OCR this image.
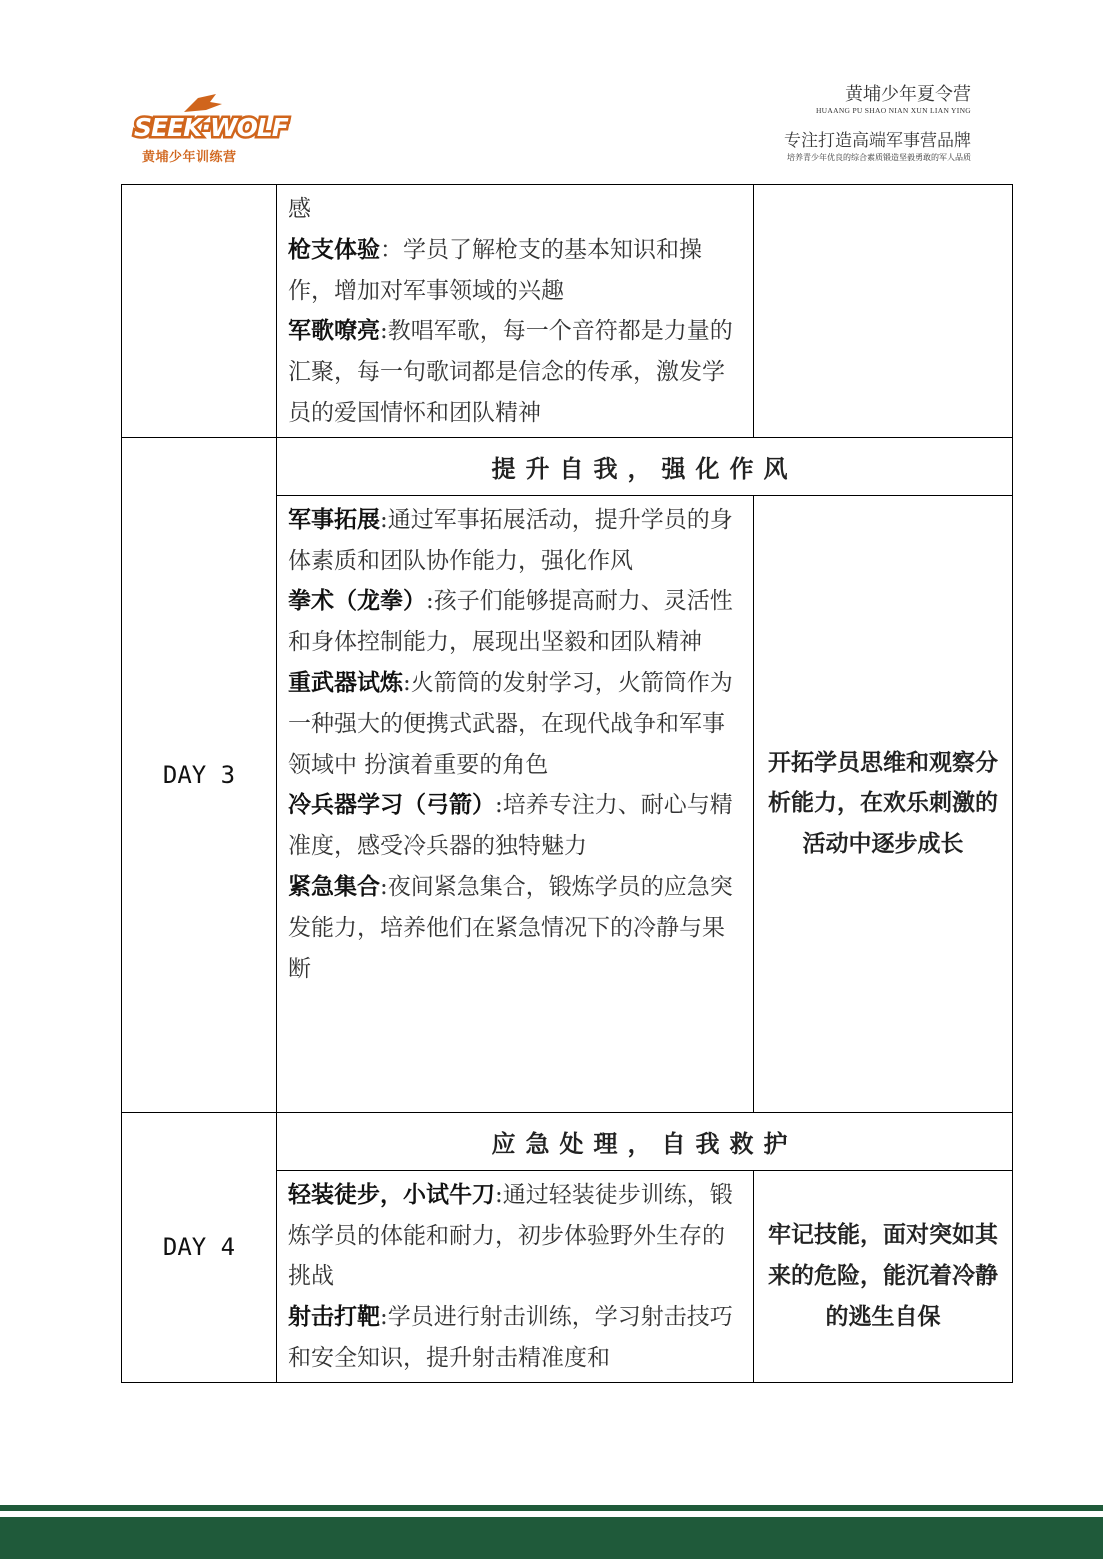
SEEK·WOLF
黄埔少年训练营
黄埔少年夏令营
HUAANG PU SHAO NIAN XUN LIAN YING
专注打造高端军事营品牌
培养青少年优良的综合素质锻造坚毅勇敢的军人品质

	感
枪支体验：学员了解枪支的基本知识和操作，增加对军事领域的兴趣
军歌嘹亮:教唱军歌，每一个音符都是力量的汇聚，每一句歌词都是信念的传承，激发学员的爱国情怀和团队精神	

DAY 3	提升自我，强化作风	

	军事拓展:通过军事拓展活动，提升学员的身体素质和团队协作能力，强化作风
拳术（龙拳）:孩子们能够提高耐力、灵活性 和身体控制能力，展现出坚毅和团队精神
重武器试炼:火箭筒的发射学习，火箭筒作为 一种强大的便携式武器，在现代战争和军事领域中 扮演着重要的角色
冷兵器学习（弓箭）:培养专注力、耐心与精准度，感受冷兵器的独特魅力
紧急集合:夜间紧急集合，锻炼学员的应急突发能力，培养他们在紧急情况下的冷静与果断	开拓学员思维和观察分析能力，在欢乐刺激的活动中逐步成长
DAY 4	应急处理，自我救护	

	轻装徒步，小试牛刀:通过轻装徒步训练，锻炼学员的体能和耐力，初步体验野外生存的挑战
射击打靶:学员进行射击训练，学习射击技巧和安全知识，提升射击精准度和	牢记技能，面对突如其来的危险，能沉着冷静的逃生自保
